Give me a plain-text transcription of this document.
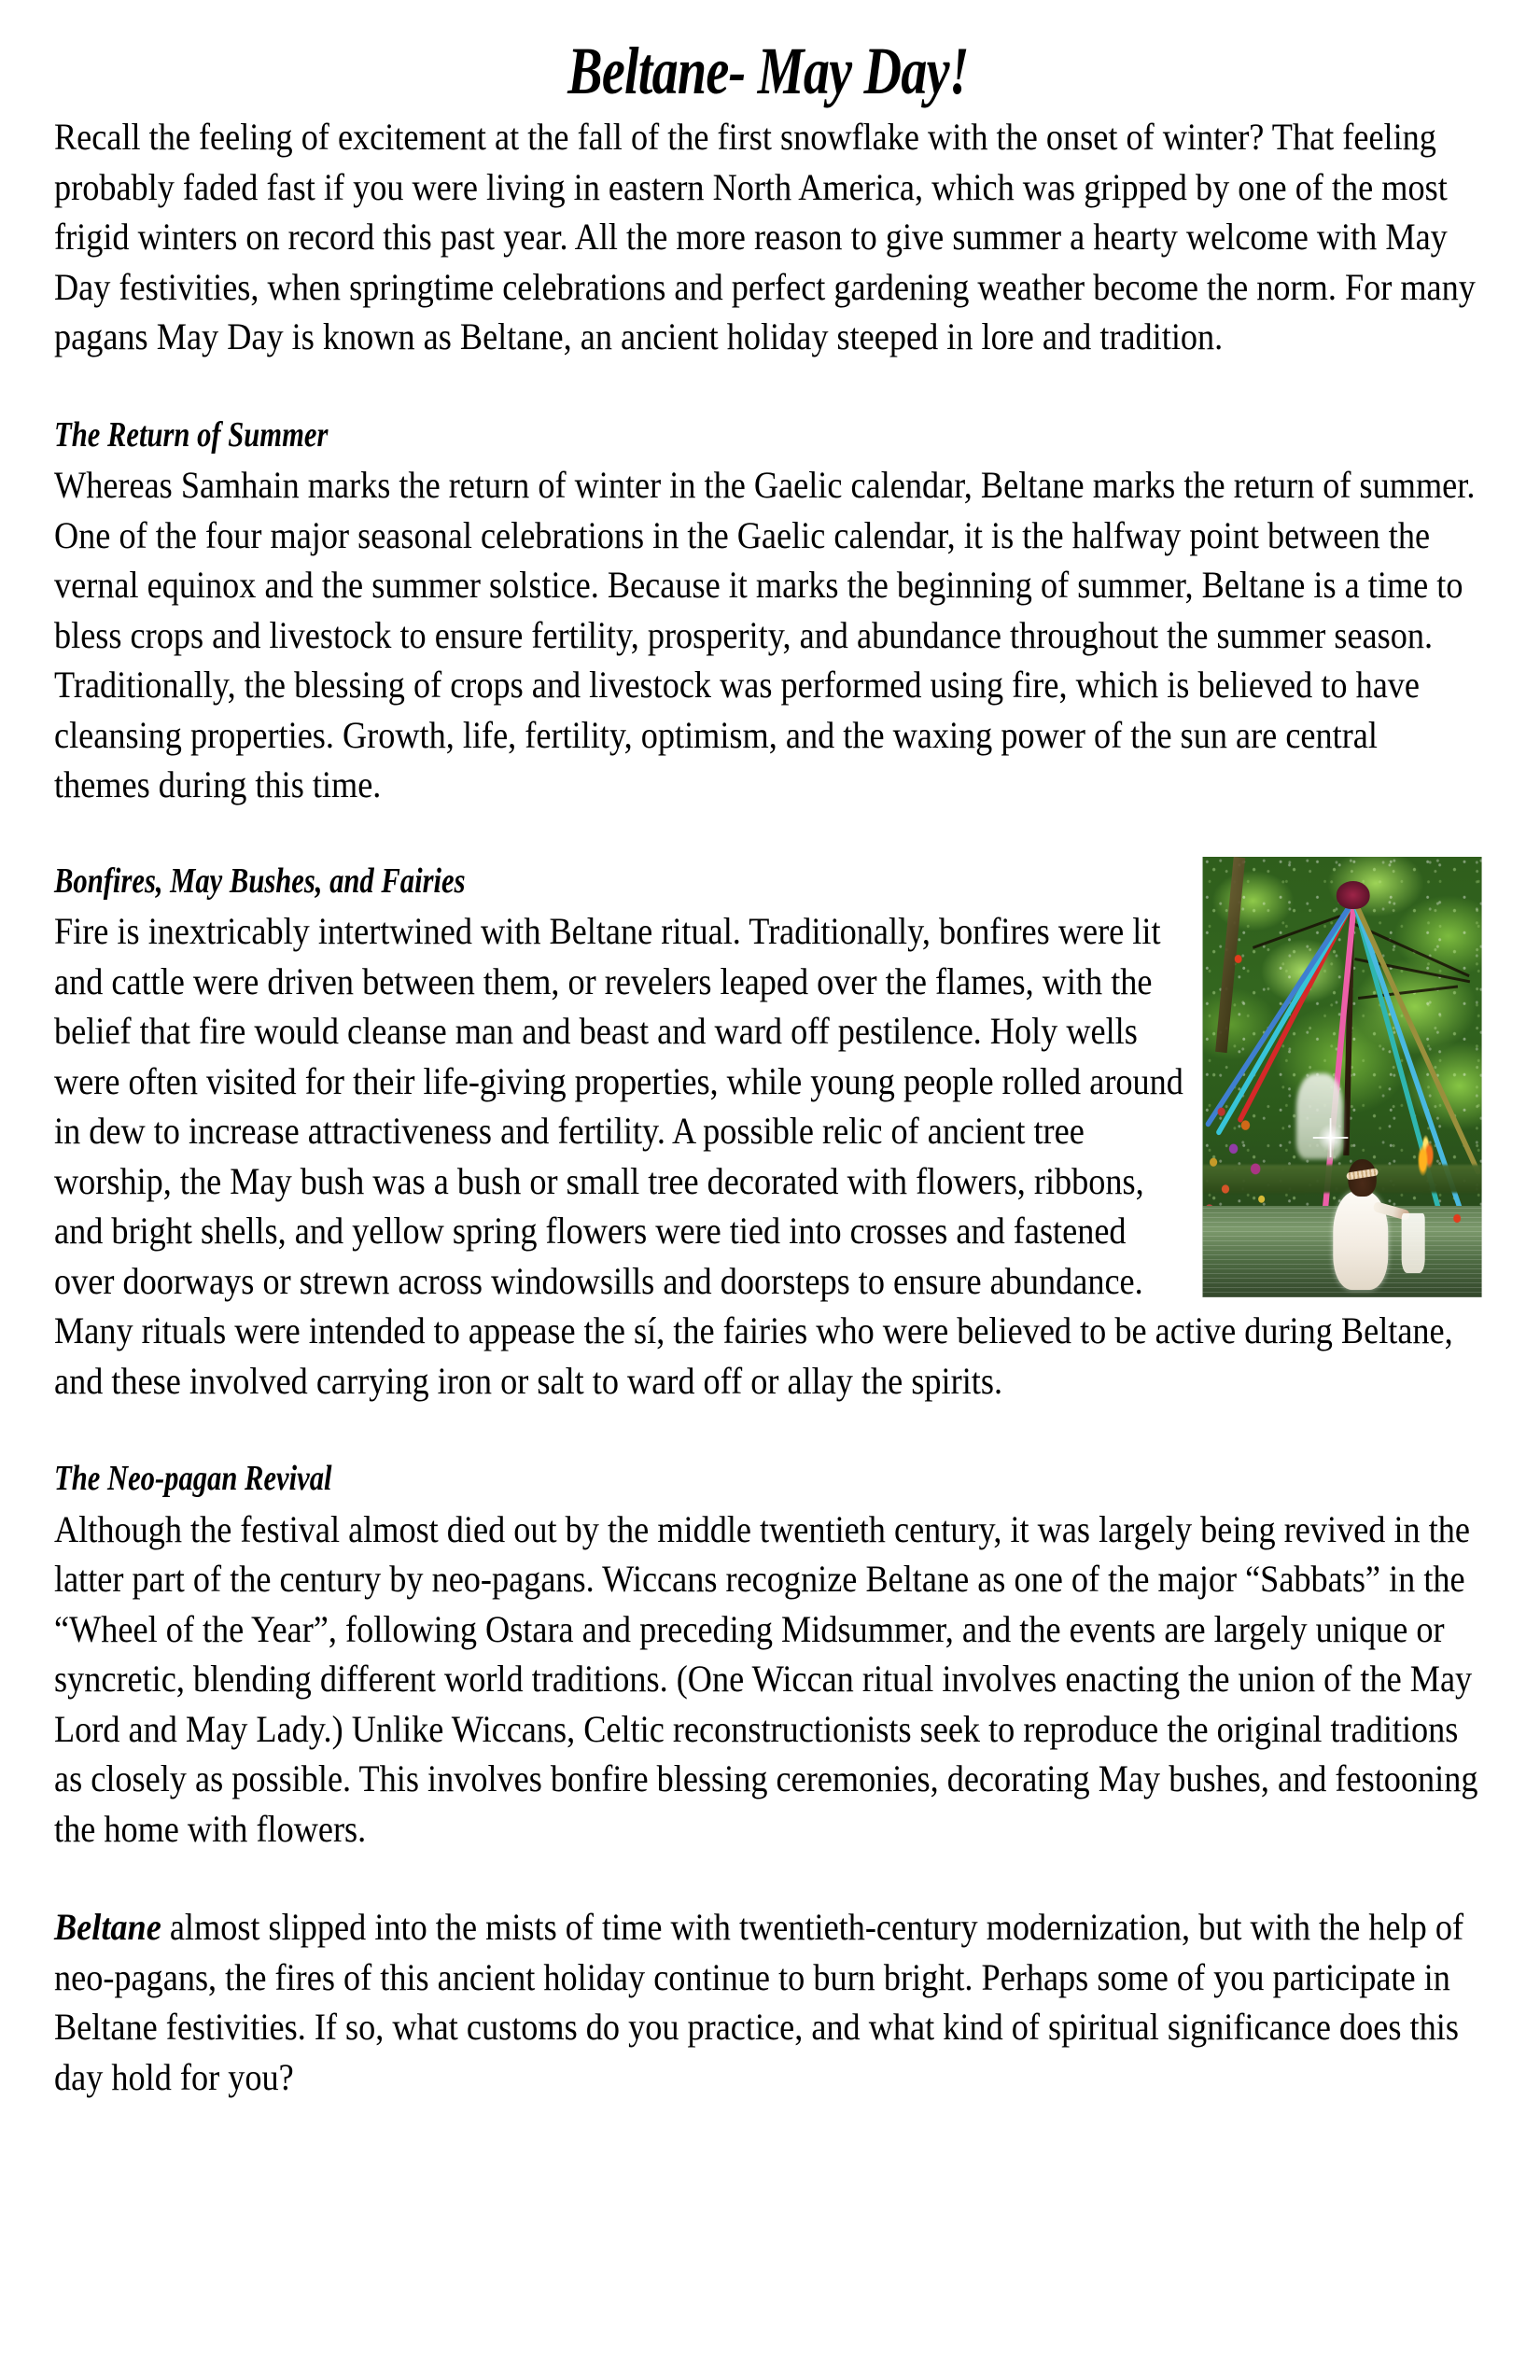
Beltane- May Day!

Recall the feeling of excitement at the fall of the first snowflake with the onset of winter? That feeling probably faded fast if you were living in eastern North America, which was gripped by one of the most frigid winters on record this past year. All the more reason to give summer a hearty welcome with May Day festivities, when springtime celebrations and perfect gardening weather become the norm. For many pagans May Day is known as Beltane, an ancient holiday steeped in lore and tradition.

The Return of Summer

Whereas Samhain marks the return of winter in the Gaelic calendar, Beltane marks the return of summer. One of the four major seasonal celebrations in the Gaelic calendar, it is the halfway point between the vernal equinox and the summer solstice. Because it marks the beginning of summer, Beltane is a time to bless crops and livestock to ensure fertility, prosperity, and abundance throughout the summer season. Traditionally, the blessing of crops and livestock was performed using fire, which is believed to have cleansing properties. Growth, life, fertility, optimism, and the waxing power of the sun are central themes during this time.

Bonfires, May Bushes, and Fairies

Fire is inextricably intertwined with Beltane ritual. Traditionally, bonfires were lit and cattle were driven between them, or revelers leaped over the flames, with the belief that fire would cleanse man and beast and ward off pestilence. Holy wells were often visited for their life-giving properties, while young people rolled around in dew to increase attractiveness and fertility. A possible relic of ancient tree worship, the May bush was a bush or small tree decorated with flowers, ribbons, and bright shells, and yellow spring flowers were tied into crosses and fastened over doorways or strewn across windowsills and doorsteps to ensure abundance. Many rituals were intended to appease the sí, the fairies who were believed to be active during Beltane, and these involved carrying iron or salt to ward off or allay the spirits.

The Neo-pagan Revival

Although the festival almost died out by the middle twentieth century, it was largely being revived in the latter part of the century by neo-pagans. Wiccans recognize Beltane as one of the major “Sabbats” in the “Wheel of the Year”, following Ostara and preceding Midsummer, and the events are largely unique or syncretic, blending different world traditions. (One Wiccan ritual involves enacting the union of the May Lord and May Lady.) Unlike Wiccans, Celtic reconstructionists seek to reproduce the original traditions as closely as possible. This involves bonfire blessing ceremonies, decorating May bushes, and festooning the home with flowers.

Beltane almost slipped into the mists of time with twentieth-century modernization, but with the help of neo-pagans, the fires of this ancient holiday continue to burn bright. Perhaps some of you participate in Beltane festivities. If so, what customs do you practice, and what kind of spiritual significance does this day hold for you?
